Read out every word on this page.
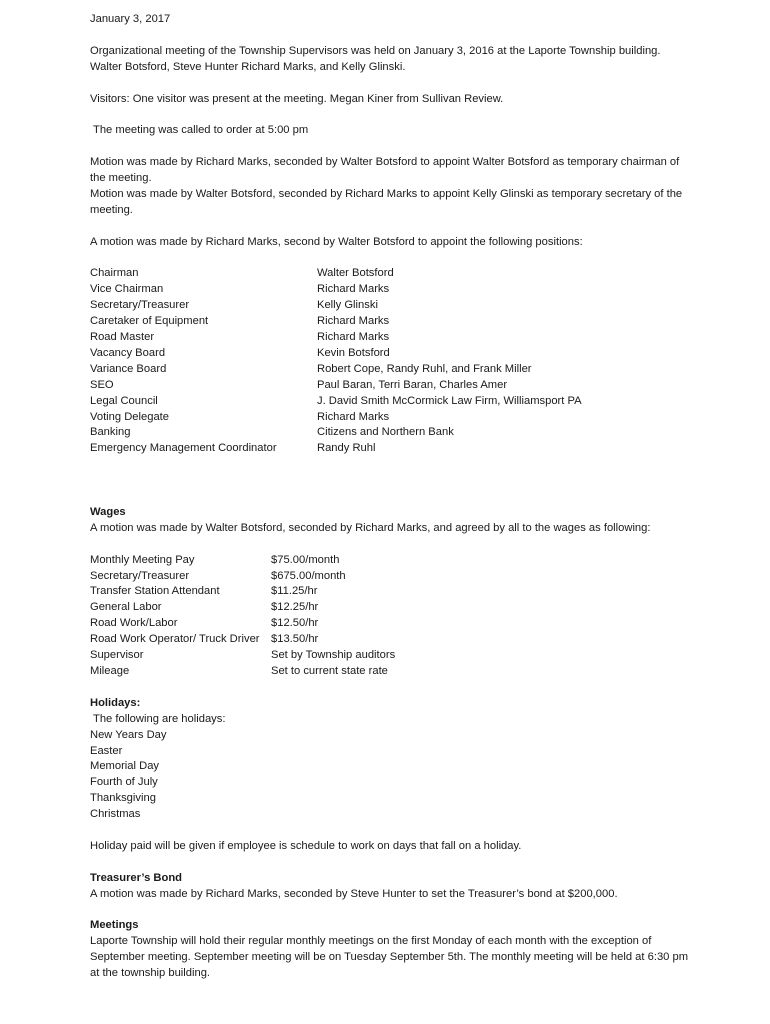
January 3, 2017

Organizational meeting of the Township Supervisors was held on January 3, 2016 at the Laporte Township building. Walter Botsford, Steve Hunter Richard Marks, and Kelly Glinski.

Visitors: One visitor was present at the meeting. Megan Kiner from Sullivan Review.

The meeting was called to order at 5:00 pm

Motion was made by Richard Marks, seconded by Walter Botsford to appoint Walter Botsford as temporary chairman of the meeting.

Motion was made by Walter Botsford, seconded by Richard Marks to appoint Kelly Glinski as temporary secretary of the meeting.

A motion was made by Richard Marks, second by Walter Botsford to appoint the following positions:

Chairman	Walter Botsford
Vice Chairman	Richard Marks
Secretary/Treasurer	Kelly Glinski
Caretaker of Equipment	Richard Marks
Road Master	Richard Marks
Vacancy Board	Kevin Botsford
Variance Board	Robert Cope, Randy Ruhl, and Frank Miller
SEO	Paul Baran, Terri Baran, Charles Amer
Legal Council	J. David Smith McCormick Law Firm, Williamsport PA
Voting Delegate	Richard Marks
Banking	Citizens and Northern Bank
Emergency Management Coordinator	Randy Ruhl

Wages

A motion was made by Walter Botsford, seconded by Richard Marks, and agreed by all to the wages as following:

Monthly Meeting Pay	$75.00/month
Secretary/Treasurer	$675.00/month
Transfer Station Attendant	$11.25/hr
General Labor	$12.25/hr
Road Work/Labor	$12.50/hr
Road Work Operator/ Truck Driver	$13.50/hr
Supervisor	Set by Township auditors
Mileage	Set to current state rate

Holidays:

The following are holidays:

New Years Day

Easter

Memorial Day

Fourth of July

Thanksgiving

Christmas

Holiday paid will be given if employee is schedule to work on days that fall on a holiday.

Treasurer’s Bond

A motion was made by Richard Marks, seconded by Steve Hunter to set the Treasurer’s bond at $200,000.

Meetings

Laporte Township will hold their regular monthly meetings on the first Monday of each month with the exception of September meeting. September meeting will be on Tuesday September 5th. The monthly meeting will be held at 6:30 pm at the township building.
